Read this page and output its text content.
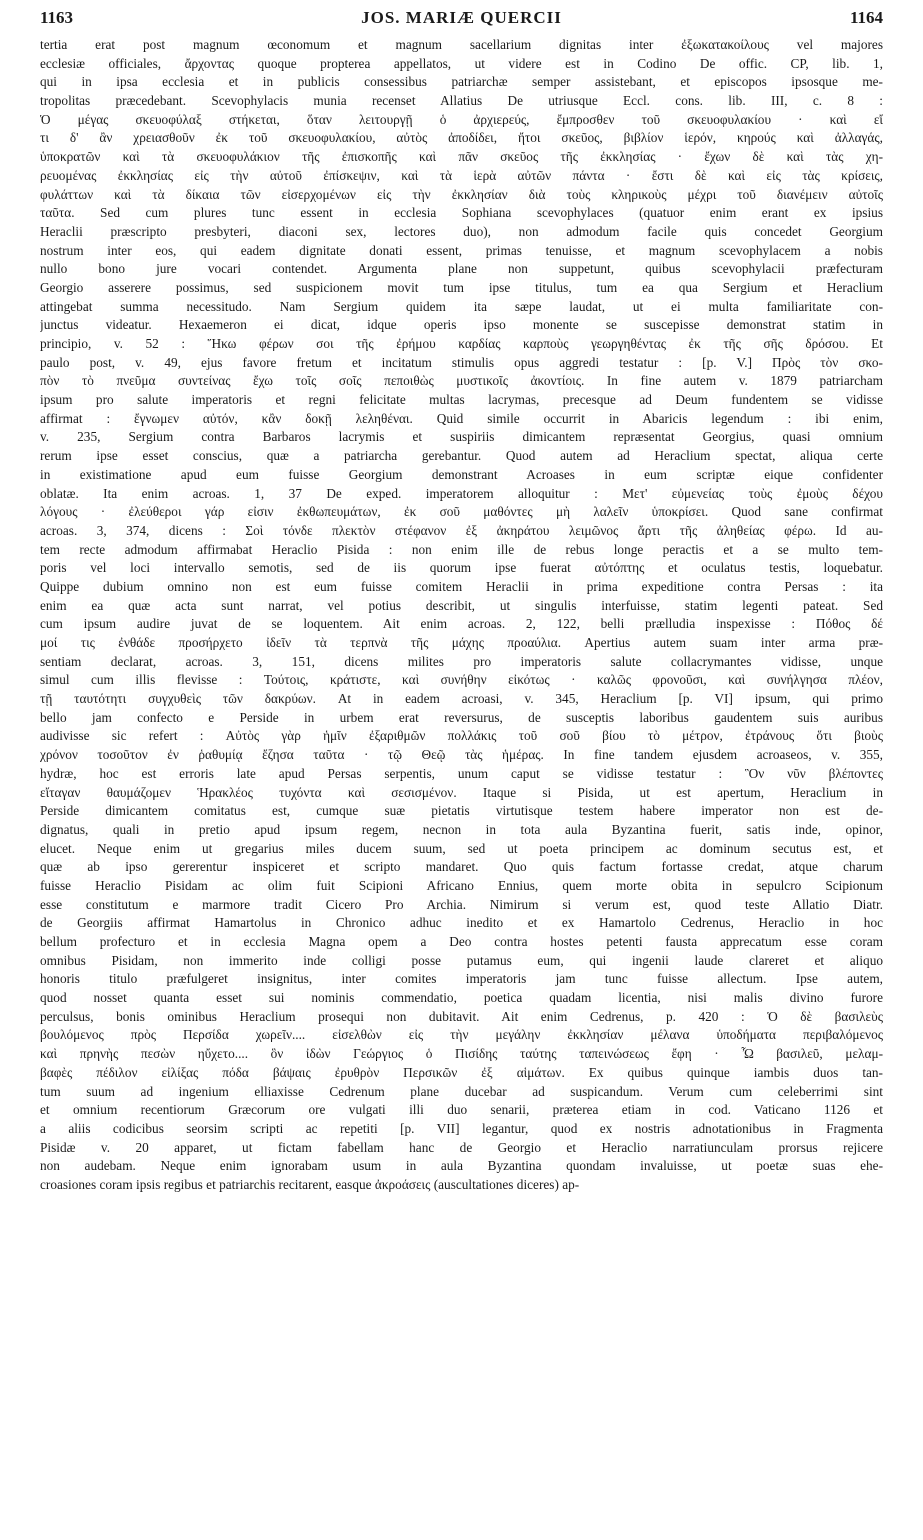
1163	JOS. MARIÆ QUERCII	1164
tertia erat post magnum œconomum et magnum sacellarium dignitas inter ἐξωκατακοίλους vel majores
ecclesiæ officiales, ἄρχοντας quoque propterea appellatos, ut videre est in Codino De offic. CP, lib. 1,
qui in ipsa ecclesia et in publicis consessibus patriarchæ semper assistebant, et episcopos ipsosque me-
tropolitas præcedebant. Scevophylacis munia recenset Allatius De utriusque Eccl. cons. lib. III, c. 8 :
Ὁ μέγας σκευοφύλαξ στήκεται, ὅταν λειτουργῇ ὁ ἀρχιερεύς, ἔμπροσθεν τοῦ σκευοφυλακίου · καὶ εἴ
τι δ' ἂν χρειασθοῦν ἐκ τοῦ σκευοφυλακίου, αὐτὸς ἀποδίδει, ἤτοι σκεῦος, βιβλίον ἱερόν, κηρούς καὶ ἀλλαγάς,
ὑποκρατῶν καὶ τὰ σκευοφυλάκιον τῆς ἐπισκοπῆς καὶ πᾶν σκεῦος τῆς ἐκκλησίας · ἔχων δὲ καὶ τὰς χη-
ρευομένας ἐκκλησίας εἰς τὴν αὐτοῦ ἐπίσκεψιν, καὶ τὰ ἱερὰ αὐτῶν πάντα · ἔστι δὲ καὶ εἰς τὰς κρίσεις,
φυλάττων καὶ τὰ δίκαια τῶν εἰσερχομένων εἰς τὴν ἐκκλησίαν διὰ τοὺς κληρικοὺς μέχρι τοῦ διανέμειν αὐτοῖς
ταῦτα. Sed cum plures tunc essent in ecclesia Sophiana scevophylaces (quatuor enim erant ex ipsius
Heraclii præscripto presbyteri, diaconi sex, lectores duo), non admodum facile quis concedet Georgium
nostrum inter eos, qui eadem dignitate donati essent, primas tenuisse, et magnum scevophylacem a nobis
nullo bono jure vocari contendet. Argumenta plane non suppetunt, quibus scevophylacii præfecturam
Georgio asserere possimus, sed suspicionem movit tum ipse titulus, tum ea qua Sergium et Heraclium
attingebat summa necessitudo. Nam Sergium quidem ita sæpe laudat, ut ei multa familiaritate con-
junctus videatur. Hexaemeron ei dicat, idque operis ipso monente se suscepisse demonstrat statim in
principio, v. 52 : Ἥκω φέρων σοι τῆς ἐρήμου καρδίας καρποὺς γεωργηθέντας ἐκ τῆς σῆς δρόσου. Et
paulo post, v. 49, ejus favore fretum et incitatum stimulis opus aggredi testatur : [p. V.] Πρὸς τὸν σκο-
πὸν τὸ πνεῦμα συντείνας ἔχω τοῖς σοῖς πεποιθὼς μυστικοῖς ἀκοντίοις. In fine autem v. 1879 patriarcham
ipsum pro salute imperatoris et regni felicitate multas lacrymas, precesque ad Deum fundentem se vidisse
affirmat : ἔγνωμεν αὐτόν, κἂν δοκῇ λεληθέναι. Quid simile occurrit in Abaricis legendum : ibi enim,
v. 235, Sergium contra Barbaros lacrymis et suspiriis dimicantem repræsentat Georgius, quasi omnium
rerum ipse esset conscius, quæ a patriarcha gerebantur. Quod autem ad Heraclium spectat, aliqua certe
in existimatione apud eum fuisse Georgium demonstrant Acroases in eum scriptæ eique confidenter
oblatæ. Ita enim acroas. 1, 37 De exped. imperatorem alloquitur : Μετ' εὐμενείας τοὺς ἐμοὺς δέχου
λόγους · ἐλεύθεροι γάρ εἰσιν ἐκθωπευμάτων, ἐκ σοῦ μαθόντες μὴ λαλεῖν ὑποκρίσει. Quod sane confirmat
acroas. 3, 374, dicens : Σοὶ τόνδε πλεκτὸν στέφανον ἐξ ἀκηράτου λειμῶνος ἄρτι τῆς ἀληθείας φέρω. Id au-
tem recte admodum affirmabat Heraclio Pisida : non enim ille de rebus longe peractis et a se multo tem-
poris vel loci intervallo semotis, sed de iis quorum ipse fuerat αὐτόπτης et oculatus testis, loquebatur.
Quippe dubium omnino non est eum fuisse comitem Heraclii in prima expeditione contra Persas : ita
enim ea quæ acta sunt narrat, vel potius describit, ut singulis interfuisse, statim legenti pateat. Sed
cum ipsum audire juvat de se loquentem. Ait enim acroas. 2, 122, belli prælludia inspexisse : Πόθος δέ
μοί τις ἐνθάδε προσήρχετο ἰδεῖν τὰ τερπνὰ τῆς μάχης προαύλια. Apertius autem suam inter arma præ-
sentiam declarat, acroas. 3, 151, dicens milites pro imperatoris salute collacrymantes vidisse, unque
simul cum illis flevisse : Τούτοις, κράτιστε, καὶ συνήθην εἰκότως · καλῶς φρονοῦσι, καὶ συνήλγησα πλέον,
τῇ ταυτότητι συγχυθεὶς τῶν δακρύων. At in eadem acroasi, v. 345, Heraclium [p. VI] ipsum, qui primo
bello jam confecto e Perside in urbem erat reversurus, de susceptis laboribus gaudentem suis auribus
audivisse sic refert : Αὐτὸς γὰρ ἡμῖν ἐξαριθμῶν πολλάκις τοῦ σοῦ βίου τὸ μέτρον, ἐτράνους ὅτι βιοὺς
χρόνον τοσοῦτον ἐν ῥαθυμίᾳ ἔζησα ταῦτα · τῷ Θεῷ τὰς ἡμέρας. In fine tandem ejusdem acroaseos, v. 355,
hydræ, hoc est erroris late apud Persas serpentis, unum caput se vidisse testatur : Ὃν νῦν βλέποντες
εἴταγαν θαυμάζομεν Ἡρακλέος τυχόντα καὶ σεσισμένον. Itaque si Pisida, ut est apertum, Heraclium in
Perside dimicantem comitatus est, cumque suæ pietatis virtutisque testem habere imperator non est de-
dignatus, quali in pretio apud ipsum regem, necnon in tota aula Byzantina fuerit, satis inde, opinor,
elucet. Neque enim ut gregarius miles ducem suum, sed ut poeta principem ac dominum secutus est, et
quæ ab ipso gererentur inspiceret et scripto mandaret. Quo quis factum fortasse credat, atque charum
fuisse Heraclio Pisidam ac olim fuit Scipioni Africano Ennius, quem morte obita in sepulcro Scipionum
esse constitutum e marmore tradit Cicero Pro Archia. Nimirum si verum est, quod teste Allatio Diatr.
de Georgiis affirmat Hamartolus in Chronico adhuc inedito et ex Hamartolo Cedrenus, Heraclio in hoc
bellum profecturo et in ecclesia Magna opem a Deo contra hostes petenti fausta apprecatum esse coram
omnibus Pisidam, non immerito inde colligi posse putamus eum, qui ingenii laude clareret et aliquo
honoris titulo præfulgeret insignitus, inter comites imperatoris jam tunc fuisse allectum. Ipse autem,
quod nosset quanta esset sui nominis commendatio, poetica quadam licentia, nisi malis divino furore
perculsus, bonis ominibus Heraclium prosequi non dubitavit. Ait enim Cedrenus, p. 420 : Ὁ δὲ βασιλεὺς
βουλόμενος πρὸς Περσίδα χωρεῖν.... εἰσελθὼν εἰς τὴν μεγάλην ἐκκλησίαν μέλανα ὑποδήματα περιβαλόμενος
καὶ πρηνὴς πεσὼν ηὔχετο.... ὃν ἰδὼν Γεώργιος ὁ Πισίδης ταύτης ταπεινώσεως ἔφη · Ὦ βασιλεῦ, μελαμ-
βαφὲς πέδιλον εἰλίξας πόδα βάψαις ἐρυθρὸν Περσικῶν ἐξ αἱμάτων. Ex quibus quinque iambis duos tan-
tum suum ad ingenium elliaxisse Cedrenum plane ducebar ad suspicandum. Verum cum celeberrimi sint
et omnium recentiorum Græcorum ore vulgati illi duo senarii, præterea etiam in cod. Vaticano 1126 et
a aliis codicibus seorsim scripti ac repetiti [p. VII] legantur, quod ex nostris adnotationibus in Fragmenta
Pisidæ v. 20 apparet, ut fictam fabellam hanc de Georgio et Heraclio narratiunculam prorsus rejicere
non audebam. Neque enim ignorabam usum in aula Byzantina quondam invaluisse, ut poetæ suas ehe-
croasiones coram ipsis regibus et patriarchis recitarent, easque ἀκροάσεις (auscultationes diceres) ap-
